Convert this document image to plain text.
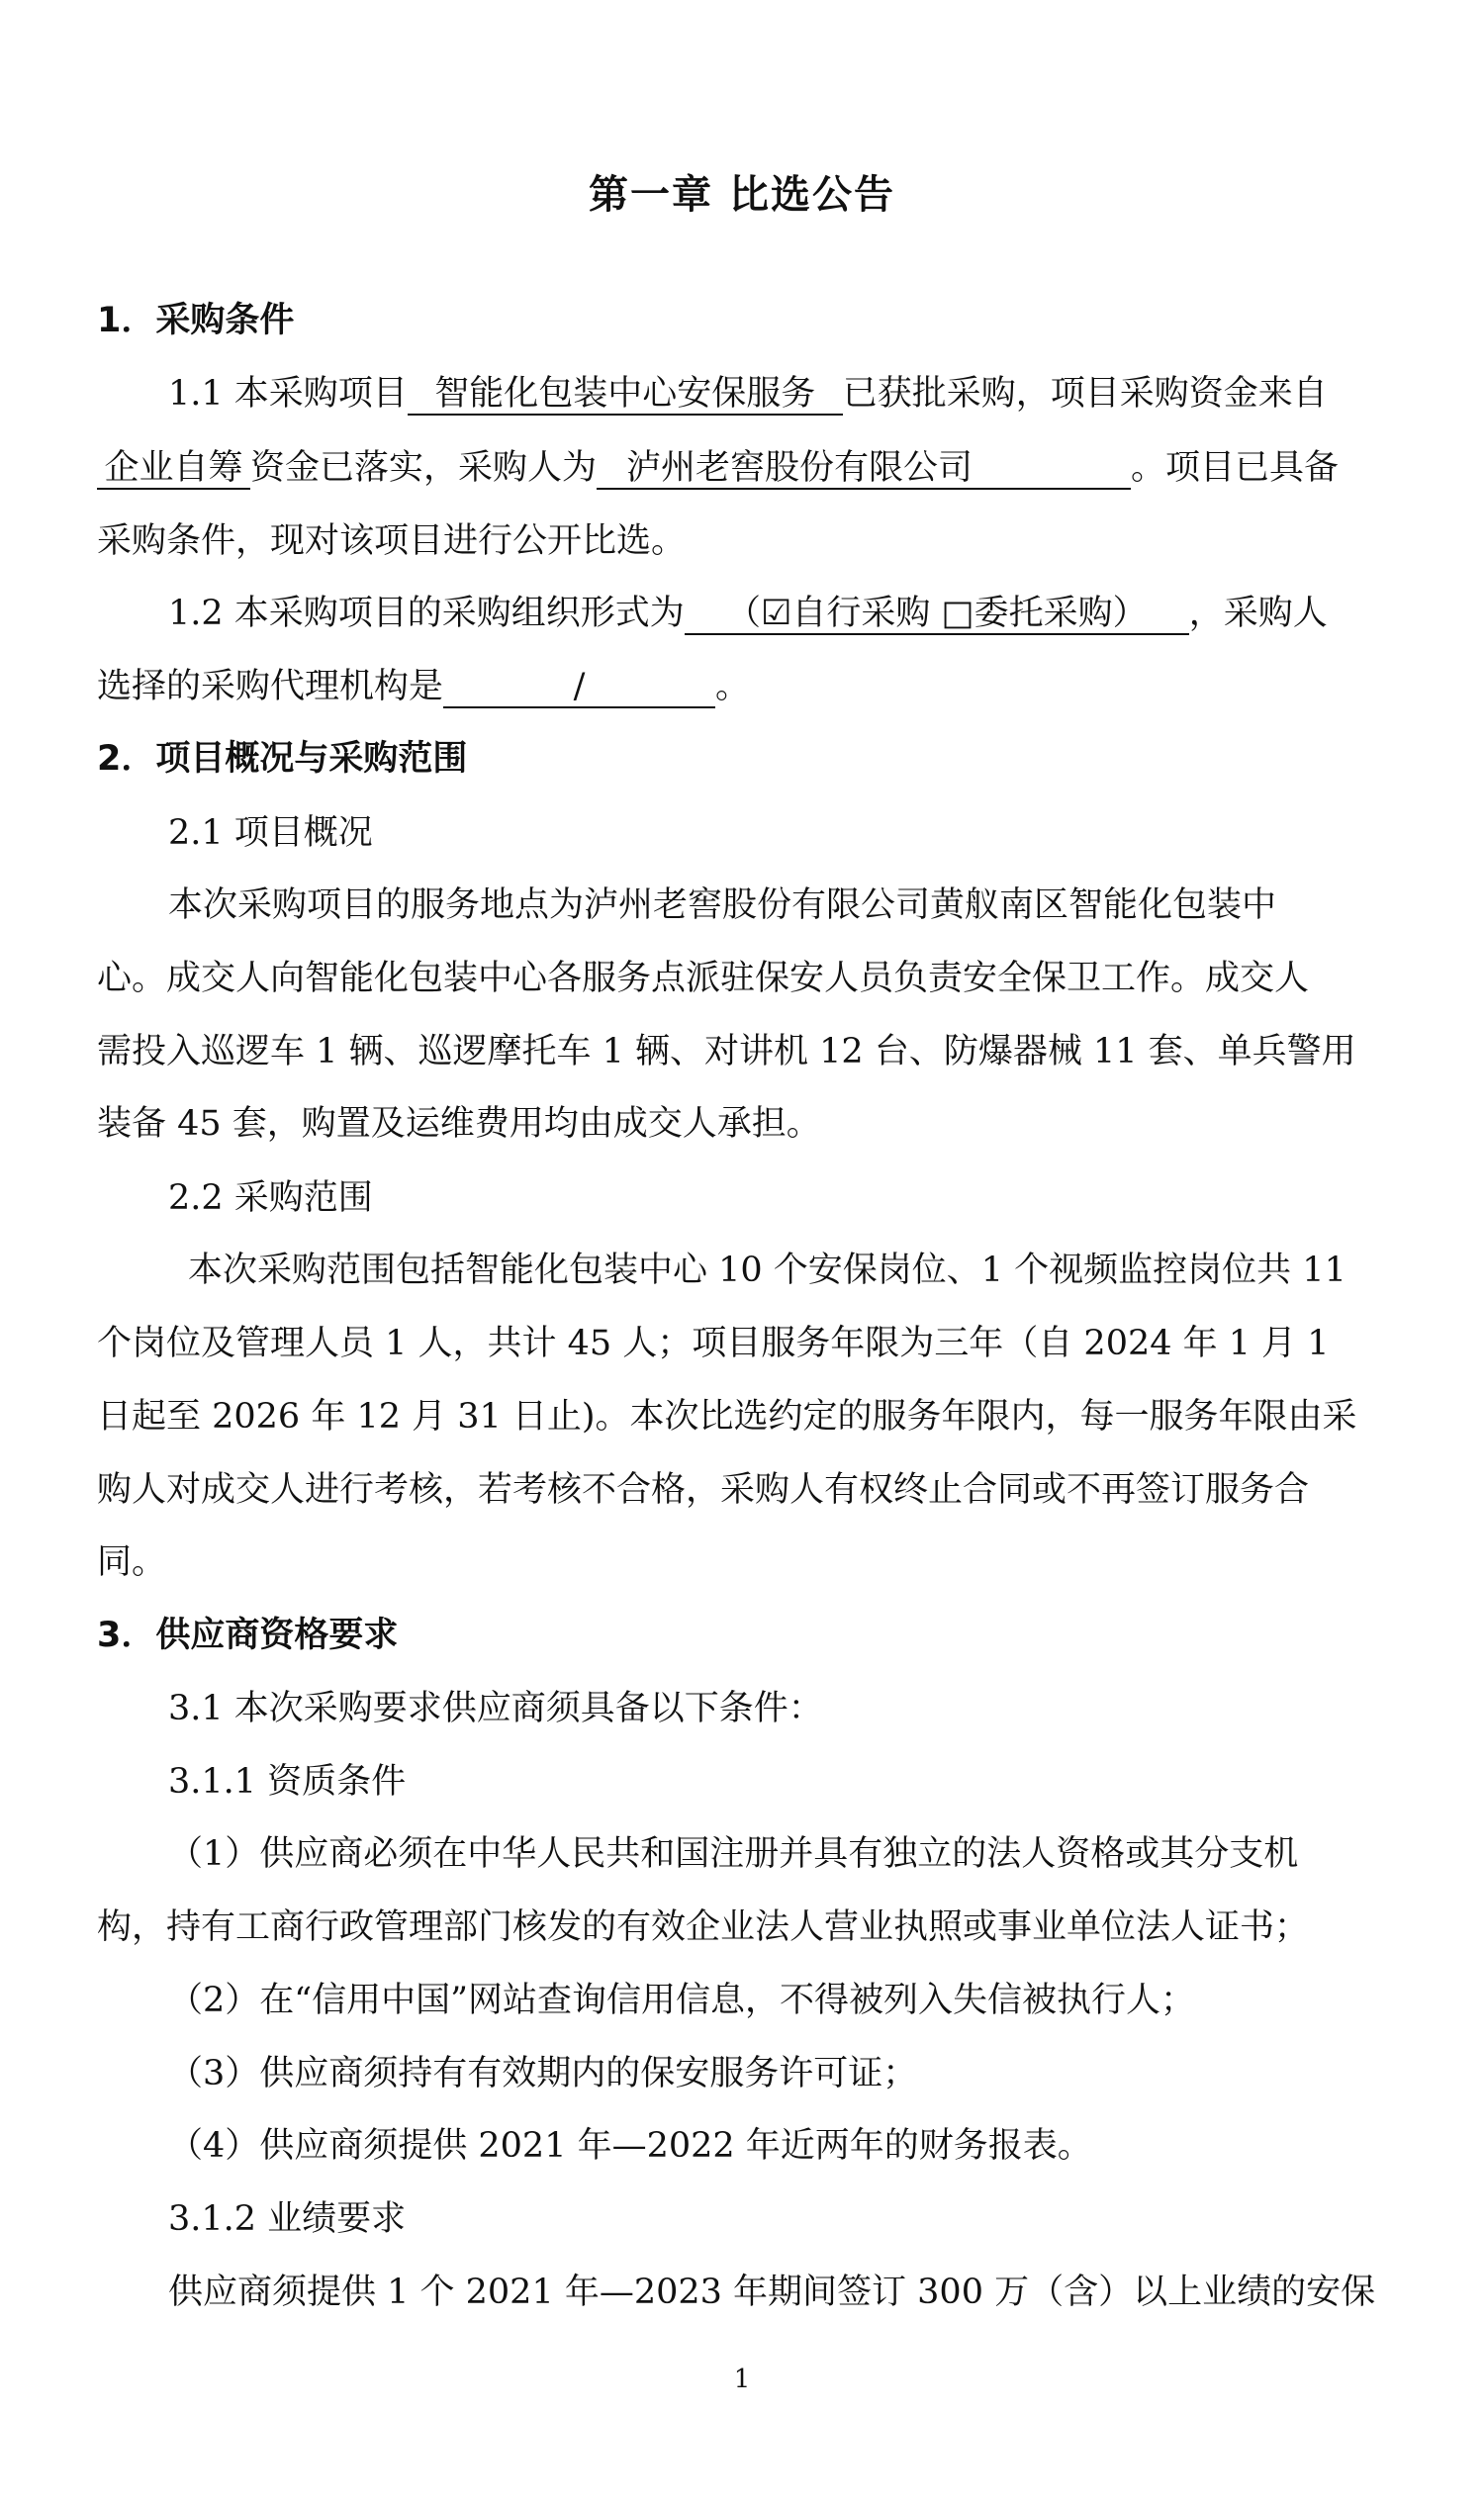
第一章 比选公告
1．采购条件
1.1 本采购项目 智能化包装中心安保服务 已获批采购，项目采购资金来自
企业自筹 资金已落实，采购人为 泸州老窖股份有限公司	。项目已具备
采购条件，现对该项目进行公开比选。
1.2 本采购项目的采购组织形式为 （☑自行采购 □委托采购） ，采购人
选择的采购代理机构是	/	。
2．项目概况与采购范围
2.1 项目概况
本次采购项目的服务地点为泸州老窖股份有限公司黄舣南区智能化包装中
心。成交人向智能化包装中心各服务点派驻保安人员负责安全保卫工作。成交人
需投入巡逻车 1 辆、巡逻摩托车 1 辆、对讲机 12 台、防爆器械 11 套、单兵警用
装备 45 套，购置及运维费用均由成交人承担。
2.2 采购范围
本次采购范围包括智能化包装中心 10 个安保岗位、1 个视频监控岗位共 11
个岗位及管理人员 1 人，共计 45 人；项目服务年限为三年（自 2024 年 1 月 1
日起至 2026 年 12 月 31 日止)。本次比选约定的服务年限内，每一服务年限由采
购人对成交人进行考核，若考核不合格，采购人有权终止合同或不再签订服务合
同。
3．供应商资格要求
3.1 本次采购要求供应商须具备以下条件：
3.1.1 资质条件
（1）供应商必须在中华人民共和国注册并具有独立的法人资格或其分支机
构，持有工商行政管理部门核发的有效企业法人营业执照或事业单位法人证书；
（2）在“信用中国”网站查询信用信息，不得被列入失信被执行人；
（3）供应商须持有有效期内的保安服务许可证；
（4）供应商须提供 2021 年—2022 年近两年的财务报表。
3.1.2 业绩要求
供应商须提供 1 个 2021 年—2023 年期间签订 300 万（含）以上业绩的安保
1
